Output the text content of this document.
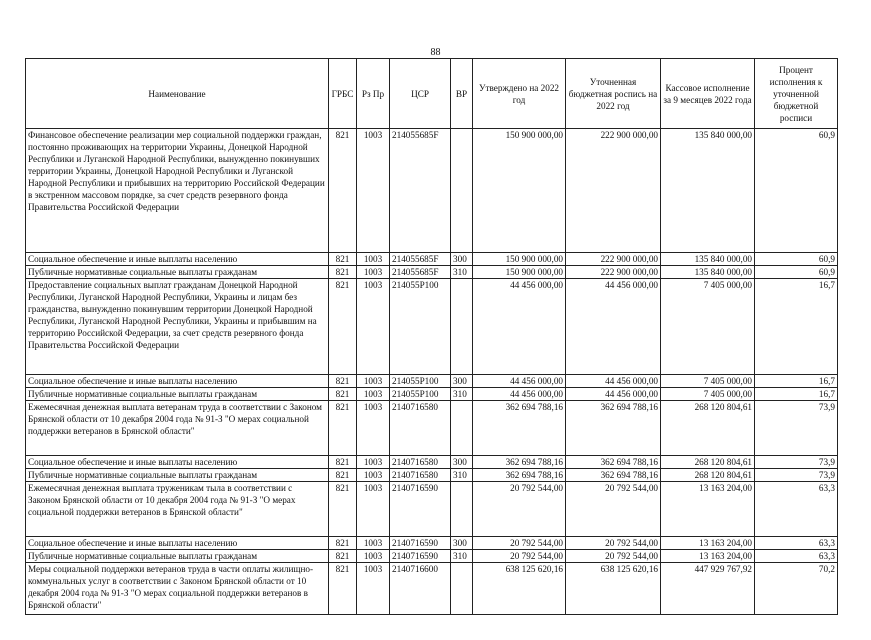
88
Наименование	ГРБС	Рз Пр	ЦСР	ВР	Утверждено на 2022 год	Уточненная бюджетная роспись на 2022 год	Кассовое исполнение за 9 месяцев 2022 года	Процент исполнения к уточненной бюджетной росписи
Финансовое обеспечение реализации мер социальной поддержки граждан, постоянно проживающих на территории Украины, Донецкой Народной Республики и Луганской Народной Республики, вынужденно покинувших территории Украины, Донецкой Народной Республики и Луганской Народной Республики и прибывших на территорию Российской Федерации в экстренном массовом порядке, за счет средств резервного фонда Правительства Российской Федерации	821	1003	214055685F		150 900 000,00	222 900 000,00	135 840 000,00	60,9
Социальное обеспечение и иные выплаты населению	821	1003	214055685F	300	150 900 000,00	222 900 000,00	135 840 000,00	60,9
Публичные нормативные социальные выплаты гражданам	821	1003	214055685F	310	150 900 000,00	222 900 000,00	135 840 000,00	60,9
Предоставление социальных выплат гражданам Донецкой Народной Республики, Луганской Народной Республики, Украины и лицам без гражданства, вынужденно покинувшим территории Донецкой Народной Республики, Луганской Народной Республики, Украины и прибывшим на территорию Российской Федерации, за счет средств резервного фонда Правительства Российской Федерации	821	1003	214055P100		44 456 000,00	44 456 000,00	7 405 000,00	16,7
Социальное обеспечение и иные выплаты населению	821	1003	214055P100	300	44 456 000,00	44 456 000,00	7 405 000,00	16,7
Публичные нормативные социальные выплаты гражданам	821	1003	214055P100	310	44 456 000,00	44 456 000,00	7 405 000,00	16,7
Ежемесячная денежная выплата ветеранам труда в соответствии с Законом Брянской области от 10 декабря 2004 года № 91-З "О мерах социальной поддержки ветеранов в Брянской области"	821	1003	2140716580		362 694 788,16	362 694 788,16	268 120 804,61	73,9
Социальное обеспечение и иные выплаты населению	821	1003	2140716580	300	362 694 788,16	362 694 788,16	268 120 804,61	73,9
Публичные нормативные социальные выплаты гражданам	821	1003	2140716580	310	362 694 788,16	362 694 788,16	268 120 804,61	73,9
Ежемесячная денежная выплата труженикам тыла в соответствии с Законом Брянской области от 10 декабря 2004 года № 91-З "О мерах социальной поддержки ветеранов в Брянской области"	821	1003	2140716590		20 792 544,00	20 792 544,00	13 163 204,00	63,3
Социальное обеспечение и иные выплаты населению	821	1003	2140716590	300	20 792 544,00	20 792 544,00	13 163 204,00	63,3
Публичные нормативные социальные выплаты гражданам	821	1003	2140716590	310	20 792 544,00	20 792 544,00	13 163 204,00	63,3
Меры социальной поддержки ветеранов труда в части оплаты жилищно-коммунальных услуг в соответствии с Законом Брянской области от 10 декабря 2004 года № 91-З "О мерах социальной поддержки ветеранов в Брянской области"	821	1003	2140716600		638 125 620,16	638 125 620,16	447 929 767,92	70,2
